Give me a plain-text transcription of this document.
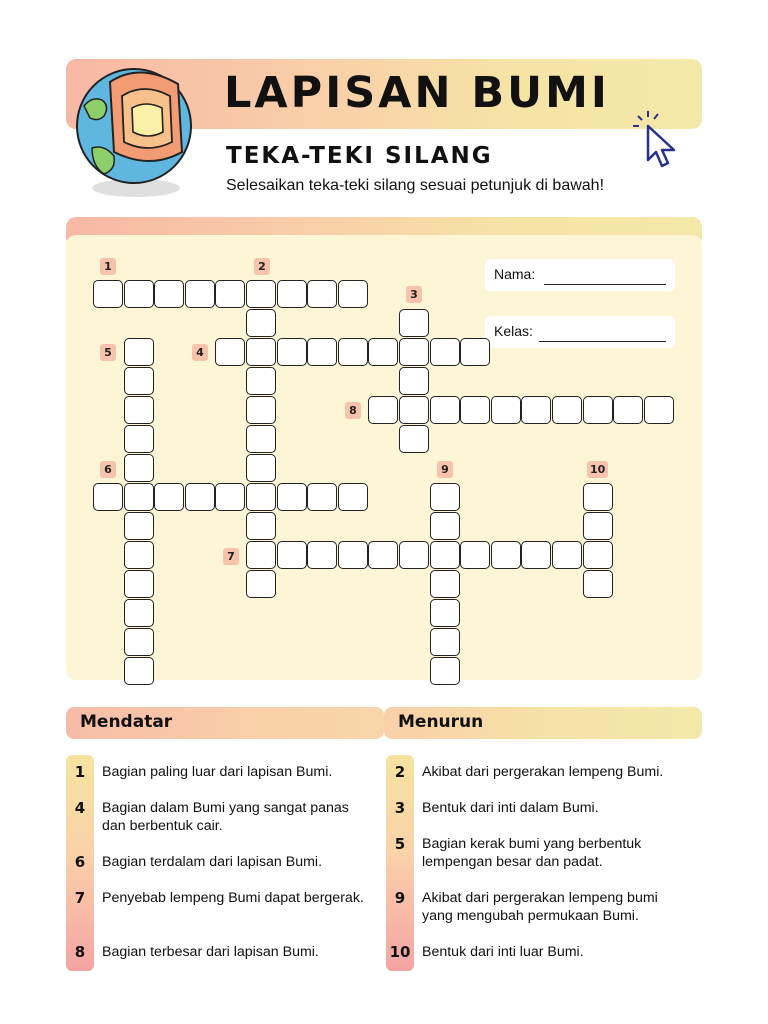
LAPISAN BUMI
TEKA-TEKI SILANG
Selesaikan teka-teki silang sesuai petunjuk di bawah!
Nama:
Kelas:
1	2
3
4
5
6
7
8
9	10
Mendatar	Menurun
1	Bagian paling luar dari lapisan Bumi.
4	Bagian dalam Bumi yang sangat panas dan berbentuk cair.
6	Bagian terdalam dari lapisan Bumi.
7	Penyebab lempeng Bumi dapat bergerak.
8	Bagian terbesar dari lapisan Bumi.
2	Akibat dari pergerakan lempeng Bumi.
3	Bentuk dari inti dalam Bumi.
5	Bagian kerak bumi yang berbentuk lempengan besar dan padat.
9	Akibat dari pergerakan lempeng bumi yang mengubah permukaan Bumi.
10 Bentuk dari inti luar Bumi.
